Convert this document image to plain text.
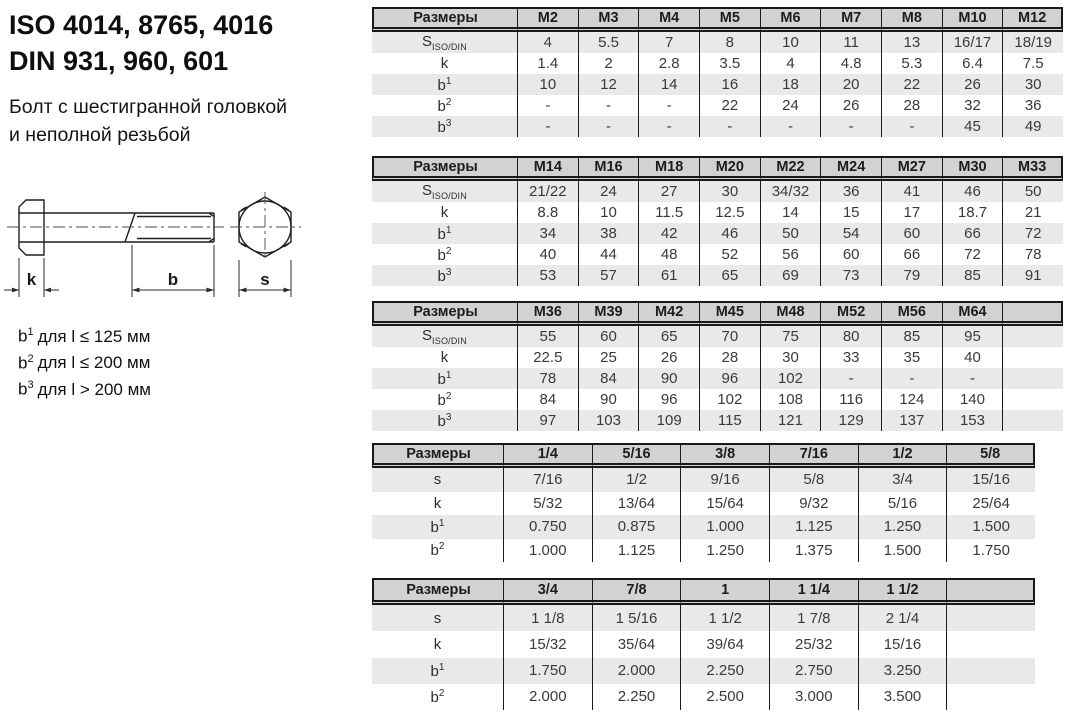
ISO 4014, 8765, 4016
DIN 931, 960, 601
Болт с шестигранной головкой
и неполной резьбой
k	b	s
$b^1$ для l ≤ 125 мм
$b^2$ для l ≤ 200 мм
$b^3$ для l > 200 мм
Размеры	M2	M3	M4	M5	M6	M7	M8	M10	M12
$S_{ISO/DIN}$	4	5.5	7	8	10	11	13	16/17	18/19
k	1.4	2	2.8	3.5	4	4.8	5.3	6.4	7.5
$b^1$	10	12	14	16	18	20	22	26	30
$b^2$	-	-	-	22	24	26	28	32	36
$b^3$	-	-	-	-	-	-	-	45	49
Размеры	M14	M16	M18	M20	M22	M24	M27	M30	M33
$S_{ISO/DIN}$	21/22	24	27	30	34/32	36	41	46	50
k	8.8	10	11.5	12.5	14	15	17	18.7	21
$b^1$	34	38	42	46	50	54	60	66	72
$b^2$	40	44	48	52	56	60	66	72	78
$b^3$	53	57	61	65	69	73	79	85	91
Размеры	M36	M39	M42	M45	M48	M52	M56	M64
$S_{ISO/DIN}$	55	60	65	70	75	80	85	95
k	22.5	25	26	28	30	33	35	40
$b^1$	78	84	90	96	102	-	-	-
$b^2$	84	90	96	102	108	116	124	140
$b^3$	97	103	109	115	121	129	137	153
Размеры	1/4	5/16	3/8	7/16	1/2	5/8
s	7/16	1/2	9/16	5/8	3/4	15/16
k	5/32	13/64	15/64	9/32	5/16	25/64
$b^1$	0.750	0.875	1.000	1.125	1.250	1.500
$b^2$	1.000	1.125	1.250	1.375	1.500	1.750
Размеры	3/4	7/8	1	1 1/4	1 1/2
s	1 1/8	1 5/16	1 1/2	1 7/8	2 1/4
k	15/32	35/64	39/64	25/32	15/16
$b^1$	1.750	2.000	2.250	2.750	3.250
$b^2$	2.000	2.250	2.500	3.000	3.500
